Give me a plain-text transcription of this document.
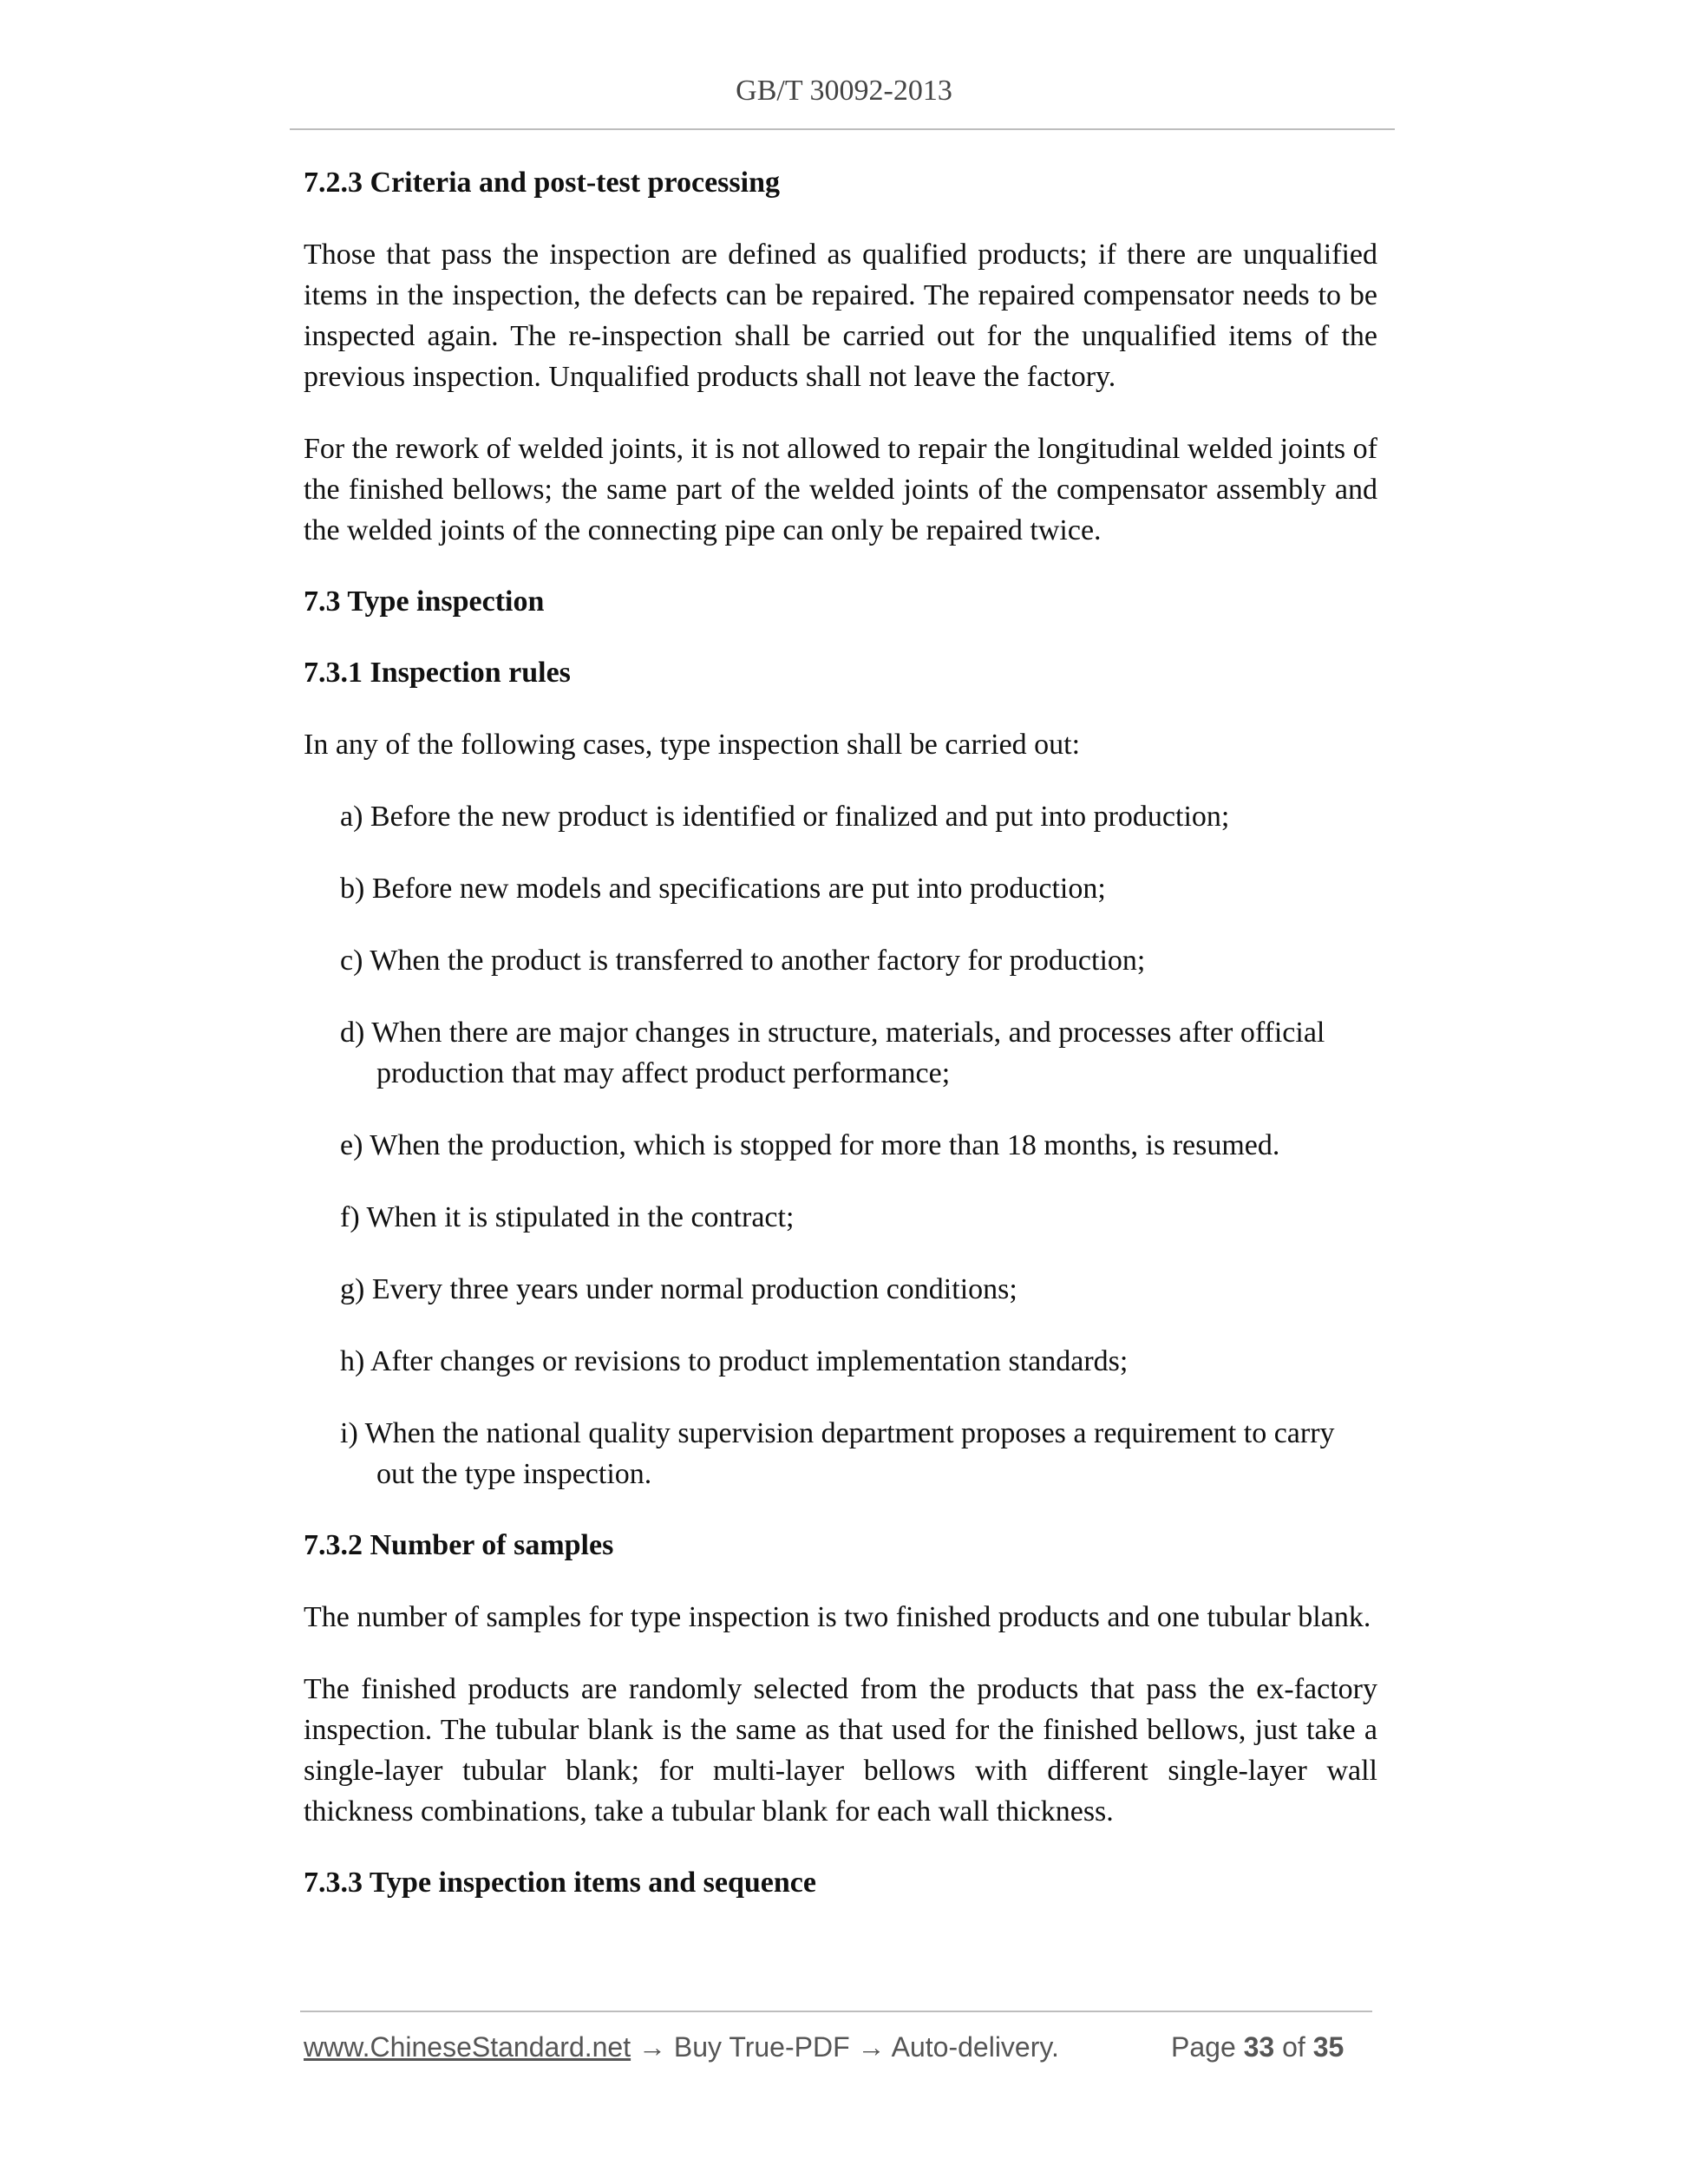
GB/T 30092-2013
7.2.3 Criteria and post-test processing

Those that pass the inspection are defined as qualified products; if there are unqualified items in the inspection, the defects can be repaired. The repaired compensator needs to be inspected again. The re-inspection shall be carried out for the unqualified items of the previous inspection. Unqualified products shall not leave the factory.

For the rework of welded joints, it is not allowed to repair the longitudinal welded joints of the finished bellows; the same part of the welded joints of the compensator assembly and the welded joints of the connecting pipe can only be repaired twice.

7.3 Type inspection
7.3.1 Inspection rules

In any of the following cases, type inspection shall be carried out:

a) Before the new product is identified or finalized and put into production;
b) Before new models and specifications are put into production;
c) When the product is transferred to another factory for production;
d) When there are major changes in structure, materials, and processes after official production that may affect product performance;
e) When the production, which is stopped for more than 18 months, is resumed.
f) When it is stipulated in the contract;
g) Every three years under normal production conditions;
h) After changes or revisions to product implementation standards;
i) When the national quality supervision department proposes a requirement to carry out the type inspection.
7.3.2 Number of samples

The number of samples for type inspection is two finished products and one tubular blank.

The finished products are randomly selected from the products that pass the ex-factory inspection. The tubular blank is the same as that used for the finished bellows, just take a single-layer tubular blank; for multi-layer bellows with different single-layer wall thickness combinations, take a tubular blank for each wall thickness.

7.3.3 Type inspection items and sequence
www.ChineseStandard.net → Buy True-PDF → Auto-delivery.	Page 33 of 35
